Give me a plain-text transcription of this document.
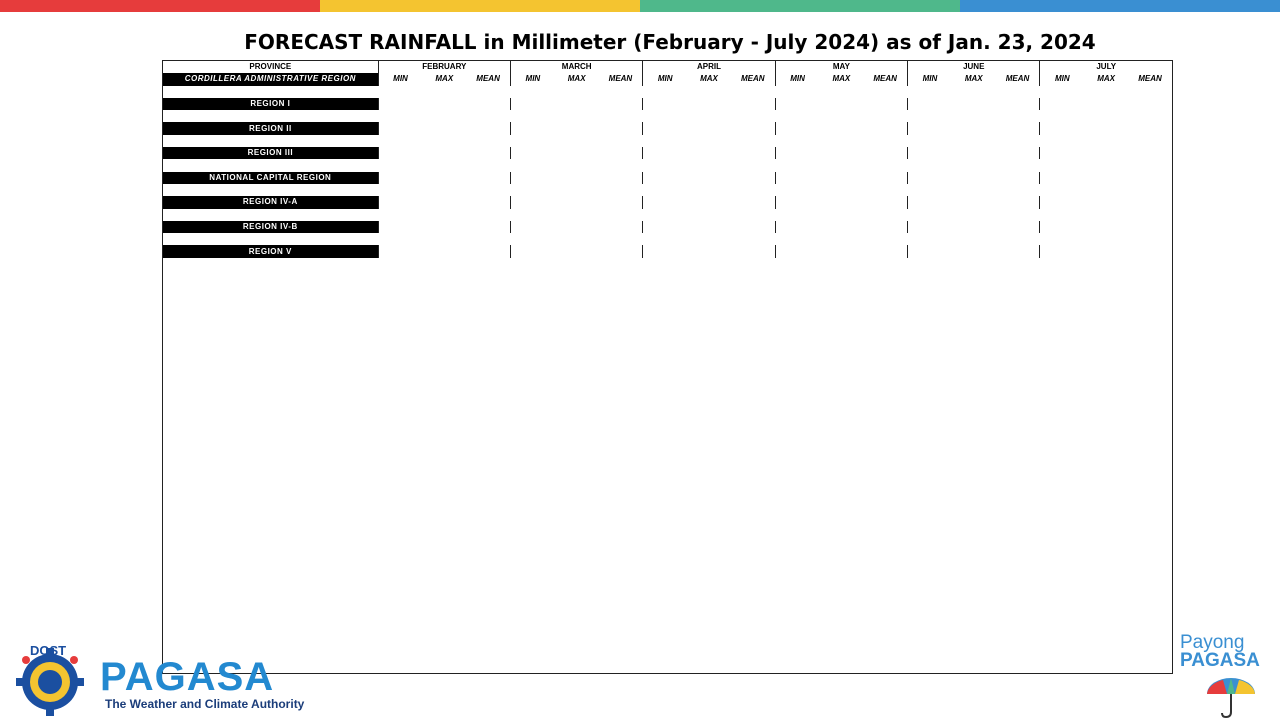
FORECAST RAINFALL in Millimeter (February - July 2024) as of Jan. 23, 2024
PROVINCE	FEBRUARY			MARCH			APRIL			MAY			JUNE			JULY		
CORDILLERA ADMINISTRATIVE REGION	MIN	MAX	MEAN	MIN	MAX	MEAN	MIN	MAX	MEAN	MIN	MAX	MEAN	MIN	MAX	MEAN	MIN	MAX	MEAN

REGION I																		

REGION II																		

REGION III																		

NATIONAL CAPITAL REGION																		

REGION IV-A																		

REGION IV-B																		

REGION V																		
DOST
PAGASA
The Weather and Climate Authority
Payong
PAGASA
